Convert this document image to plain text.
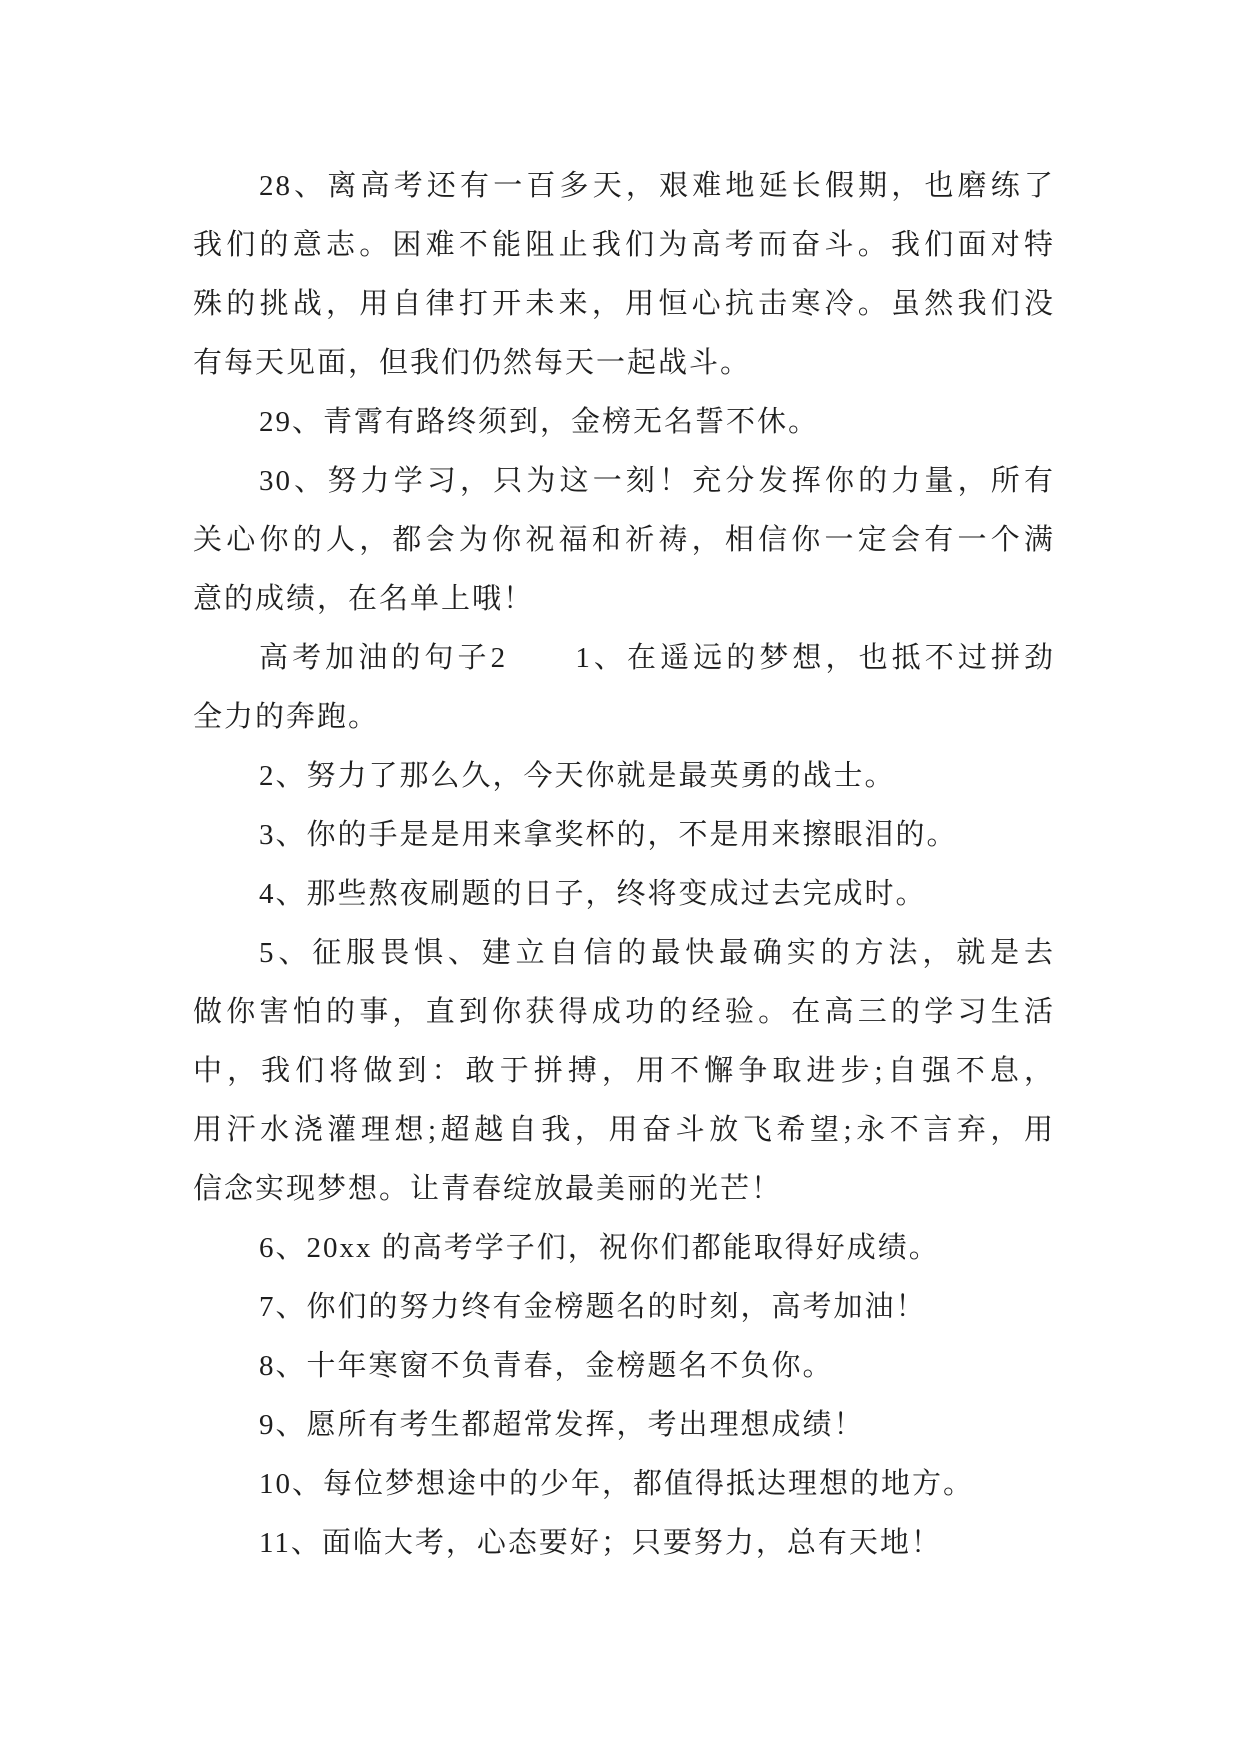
28、离高考还有一百多天，艰难地延长假期，也磨练了
我们的意志。困难不能阻止我们为高考而奋斗。我们面对特
殊的挑战，用自律打开未来，用恒心抗击寒冷。虽然我们没
有每天见面，但我们仍然每天一起战斗。
29、青霄有路终须到，金榜无名誓不休。
30、努力学习，只为这一刻！充分发挥你的力量，所有
关心你的人，都会为你祝福和祈祷，相信你一定会有一个满
意的成绩，在名单上哦！
高考加油的句子2　　1、在遥远的梦想，也抵不过拼劲
全力的奔跑。
2、努力了那么久，今天你就是最英勇的战士。
3、你的手是是用来拿奖杯的，不是用来擦眼泪的。
4、那些熬夜刷题的日子，终将变成过去完成时。
5、征服畏惧、建立自信的最快最确实的方法，就是去
做你害怕的事，直到你获得成功的经验。在高三的学习生活
中，我们将做到：敢于拼搏，用不懈争取进步;自强不息，
用汗水浇灌理想;超越自我，用奋斗放飞希望;永不言弃，用
信念实现梦想。让青春绽放最美丽的光芒！
6、20xx 的高考学子们，祝你们都能取得好成绩。
7、你们的努力终有金榜题名的时刻，高考加油！
8、十年寒窗不负青春，金榜题名不负你。
9、愿所有考生都超常发挥，考出理想成绩！
10、每位梦想途中的少年，都值得抵达理想的地方。
11、面临大考，心态要好；只要努力，总有天地！
